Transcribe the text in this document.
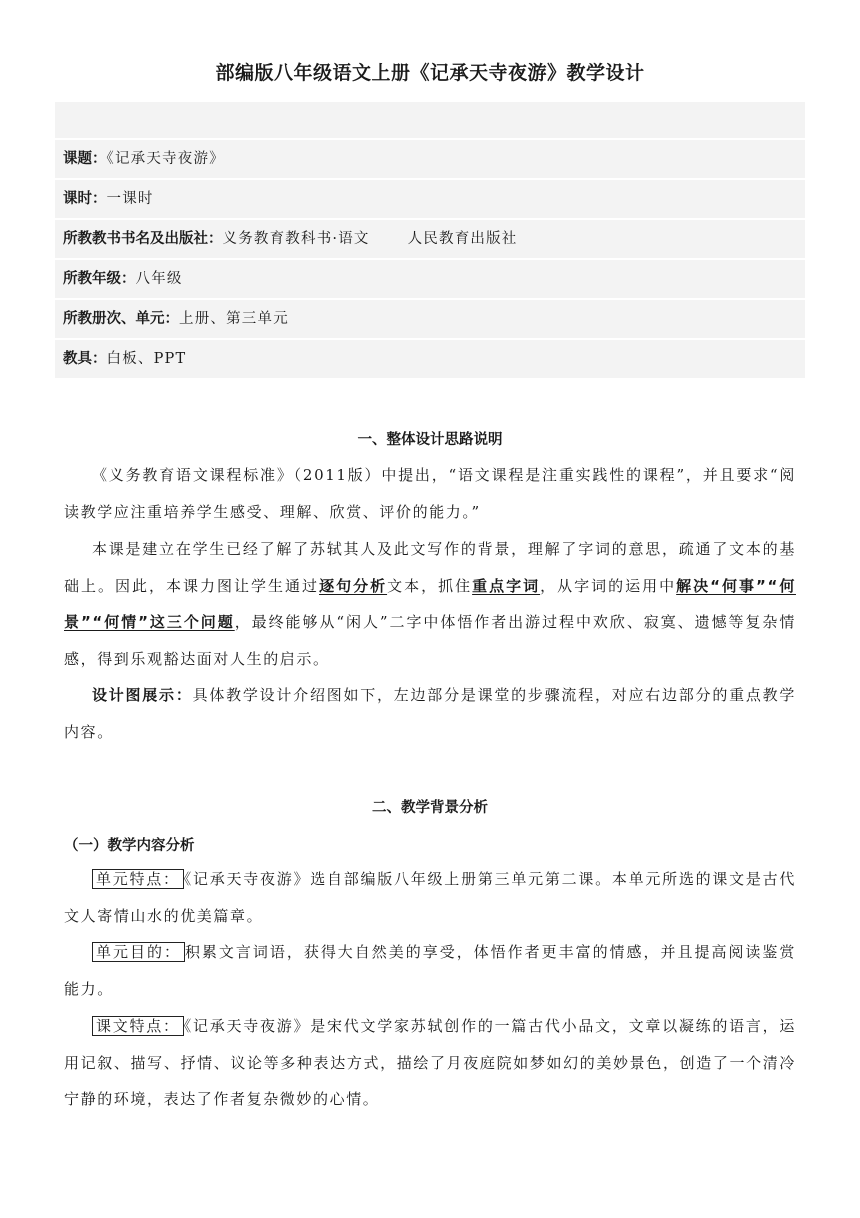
部编版八年级语文上册《记承天寺夜游》教学设计
课题：《记承天寺夜游》
课时：一课时
所教教书书名及出版社：义务教育教科书·语文	人民教育出版社
所教年级：八年级
所教册次、单元：上册、第三单元
教具：白板、PPT
一、整体设计思路说明
《义务教育语文课程标准》（2011版）中提出，“语文课程是注重实践性的课程”，并且要求“阅读教学应注重培养学生感受、理解、欣赏、评价的能力。”
本课是建立在学生已经了解了苏轼其人及此文写作的背景，理解了字词的意思，疏通了文本的基础上。因此，本课力图让学生通过逐句分析文本，抓住重点字词，从字词的运用中解决“何事”“何景”“何情”这三个问题，最终能够从“闲人”二字中体悟作者出游过程中欢欣、寂寞、遗憾等复杂情感，得到乐观豁达面对人生的启示。
设计图展示：具体教学设计介绍图如下，左边部分是课堂的步骤流程，对应右边部分的重点教学内容。
二、教学背景分析
（一）教学内容分析
单元特点： 《记承天寺夜游》选自部编版八年级上册第三单元第二课。本单元所选的课文是古代文人寄情山水的优美篇章。
单元目的： 积累文言词语，获得大自然美的享受，体悟作者更丰富的情感，并且提高阅读鉴赏能力。
课文特点： 《记承天寺夜游》是宋代文学家苏轼创作的一篇古代小品文，文章以凝练的语言，运用记叙、描写、抒情、议论等多种表达方式，描绘了月夜庭院如梦如幻的美妙景色，创造了一个清冷宁静的环境，表达了作者复杂微妙的心情。
